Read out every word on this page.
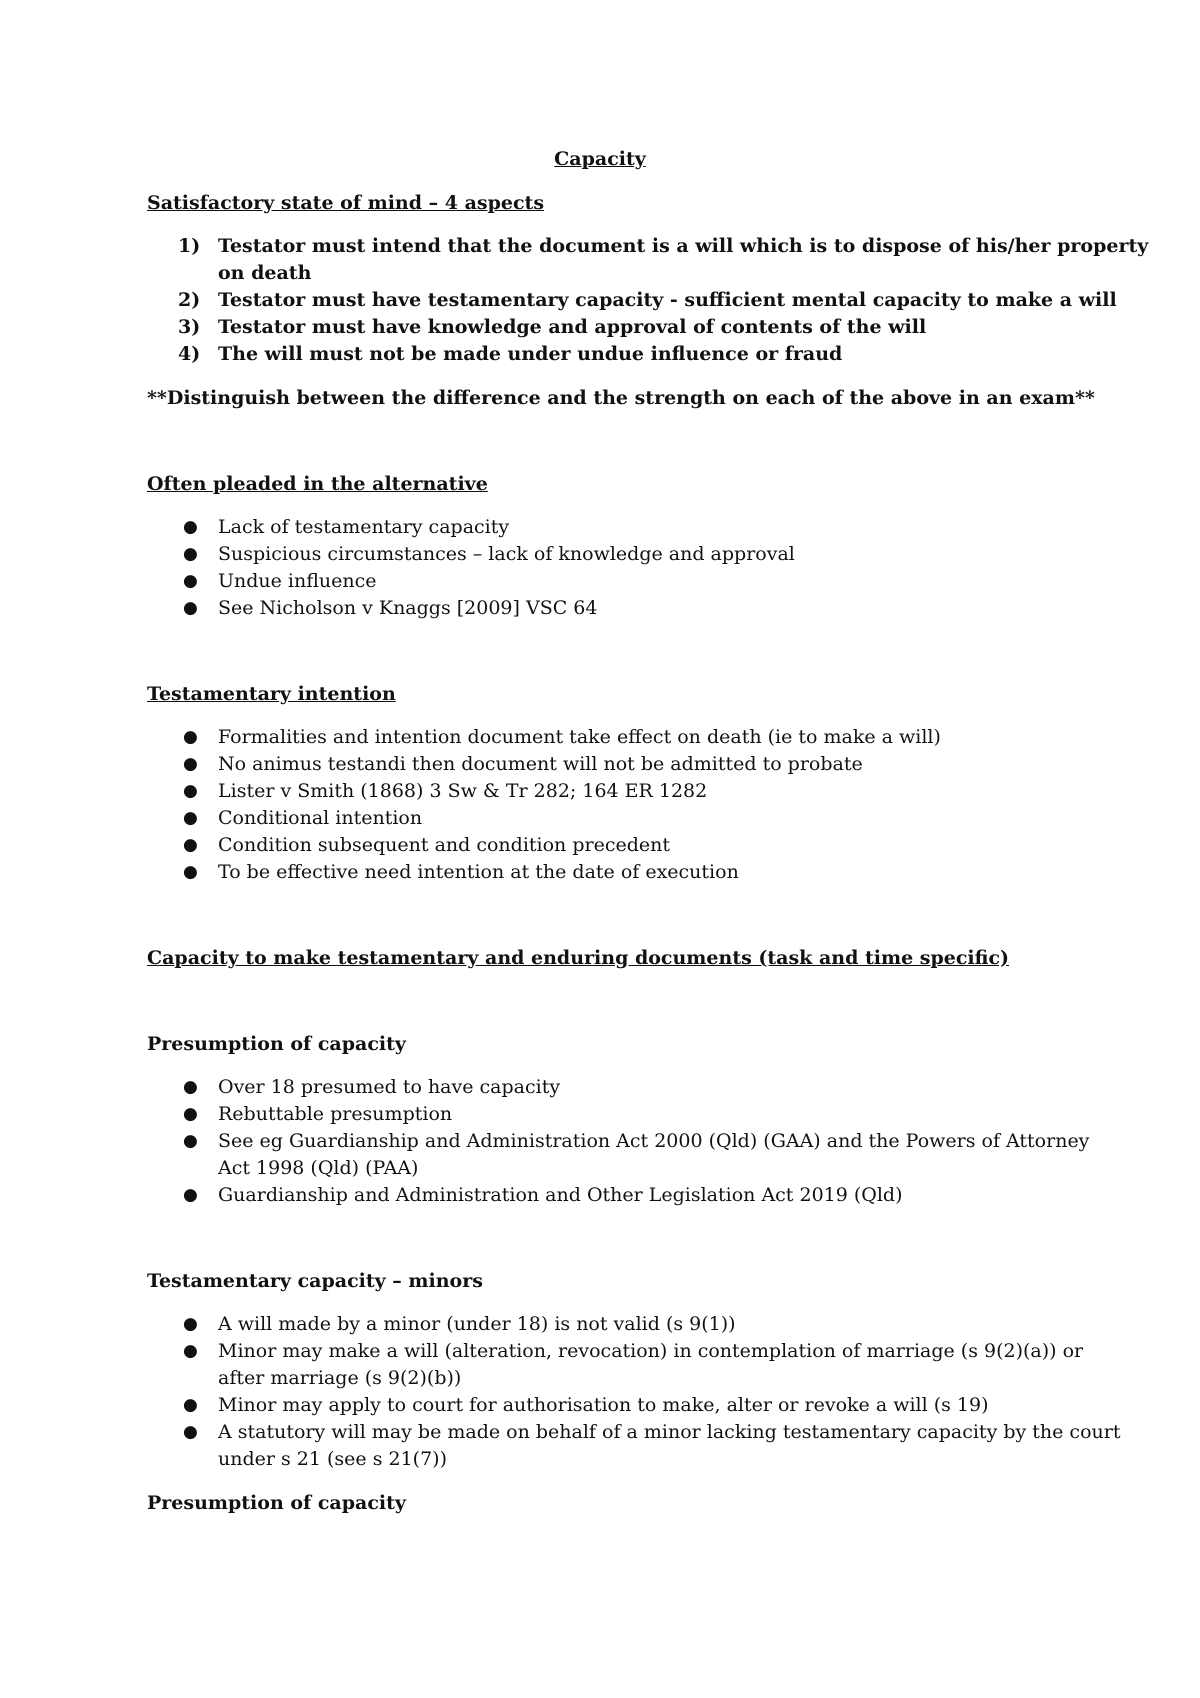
Capacity
Satisfactory state of mind – 4 aspects
1) Testator must intend that the document is a will which is to dispose of his/her property
on death
2) Testator must have testamentary capacity - sufficient mental capacity to make a will
3) Testator must have knowledge and approval of contents of the will
4) The will must not be made under undue influence or fraud
**Distinguish between the difference and the strength on each of the above in an exam**
Often pleaded in the alternative
● Lack of testamentary capacity
● Suspicious circumstances – lack of knowledge and approval
● Undue influence
● See Nicholson v Knaggs [2009] VSC 64
Testamentary intention
● Formalities and intention document take effect on death (ie to make a will)
● No animus testandi then document will not be admitted to probate
● Lister v Smith (1868) 3 Sw & Tr 282; 164 ER 1282
● Conditional intention
● Condition subsequent and condition precedent
● To be effective need intention at the date of execution
Capacity to make testamentary and enduring documents (task and time specific)
Presumption of capacity
● Over 18 presumed to have capacity
● Rebuttable presumption
● See eg Guardianship and Administration Act 2000 (Qld) (GAA) and the Powers of Attorney
Act 1998 (Qld) (PAA)
● Guardianship and Administration and Other Legislation Act 2019 (Qld)
Testamentary capacity – minors
● A will made by a minor (under 18) is not valid (s 9(1))
● Minor may make a will (alteration, revocation) in contemplation of marriage (s 9(2)(a)) or
after marriage (s 9(2)(b))
● Minor may apply to court for authorisation to make, alter or revoke a will (s 19)
● A statutory will may be made on behalf of a minor lacking testamentary capacity by the court
under s 21 (see s 21(7))
Presumption of capacity
